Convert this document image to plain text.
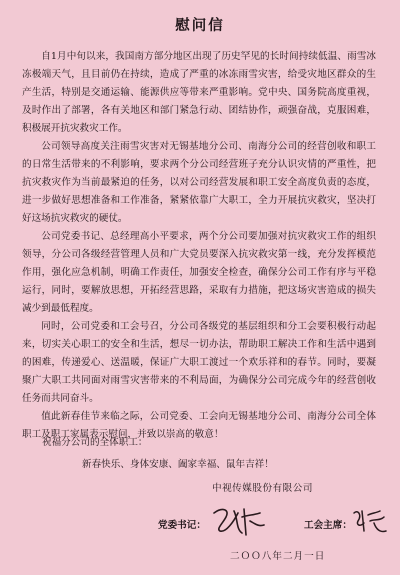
慰问信

自1月中旬以来，我国南方部分地区出现了历史罕见的长时间持续低温、雨雪冰冻极端天气，且目前仍在持续，造成了严重的冰冻雨雪灾害，给受灾地区群众的生产生活，特别是交通运输、能源供应等带来严重影响。党中央、国务院高度重视，及时作出了部署，各有关地区和部门紧急行动、团结协作，顽强奋战，克服困难，积极展开抗灾救灾工作。

公司领导高度关注雨雪灾害对无锡基地分公司、南海分公司的经营创收和职工的日常生活带来的不利影响，要求两个分公司经营班子充分认识灾情的严重性，把抗灾救灾作为当前最紧迫的任务，以对公司经营发展和职工安全高度负责的态度，进一步做好思想准备和工作准备，紧紧依靠广大职工，全力开展抗灾救灾，坚决打好这场抗灾救灾的硬仗。

公司党委书记、总经理高小平要求，两个分公司要加强对抗灾救灾工作的组织领导，分公司各级经营管理人员和广大党员要深入抗灾救灾第一线，充分发挥模范作用，强化应急机制，明确工作责任，加强安全检查，确保分公司工作有序与平稳运行，同时，要解放思想，开拓经营思路，采取有力措施，把这场灾害造成的损失减少到最低程度。

同时，公司党委和工会号召，分公司各级党的基层组织和分工会要积极行动起来，切实关心职工的安全和生活，想尽一切办法，帮助职工解决工作和生活中遇到的困难，传递爱心、送温暖，保证广大职工渡过一个欢乐祥和的春节。同时，要凝聚广大职工共同面对雨雪灾害带来的不利局面，为确保分公司完成今年的经营创收任务而共同奋斗。

值此新春佳节来临之际，公司党委、工会向无锡基地分公司、南海分公司全体职工及职工家属表示慰问，并致以崇高的敬意！

祝福分公司的全体职工：
新春快乐、身体安康、阖家幸福、鼠年吉祥！
中视传媒股份有限公司
党委书记：	工会主席：
二ＯＯ八年二月一日
